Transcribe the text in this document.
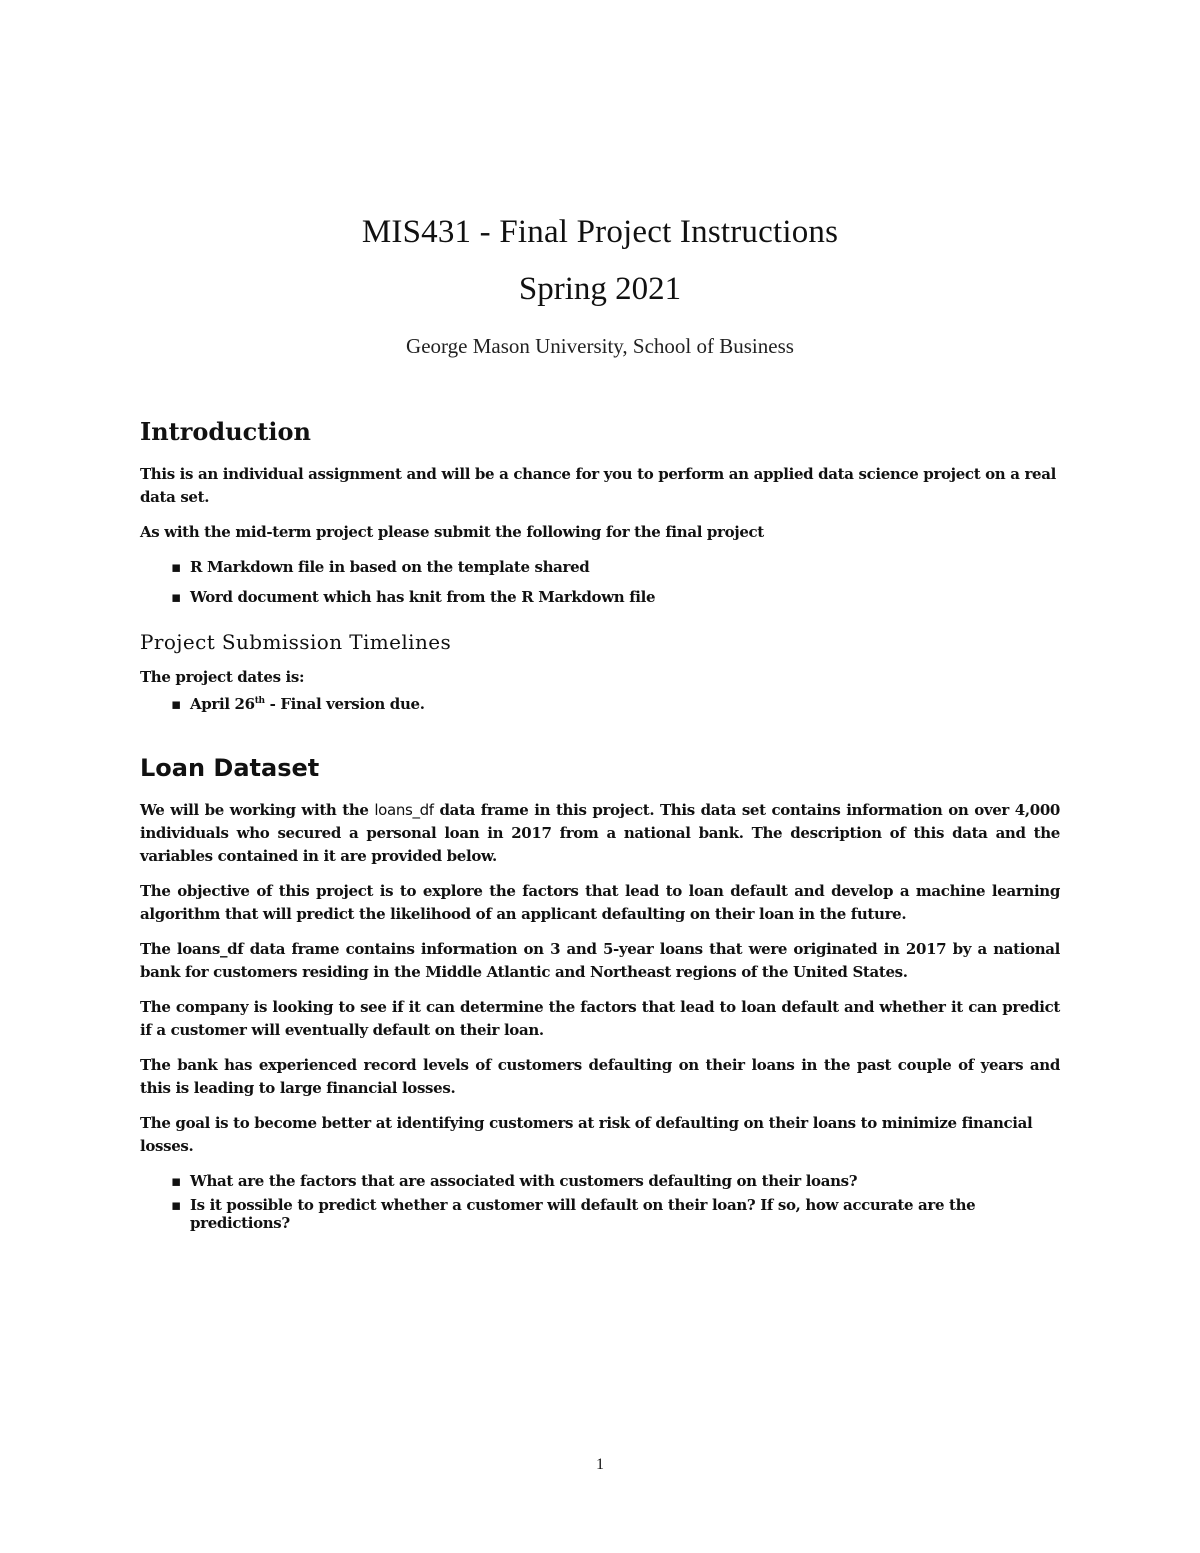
MIS431 - Final Project Instructions
Spring 2021
George Mason University, School of Business
Introduction

This is an individual assignment and will be a chance for you to perform an applied data science project on a real data set.

As with the mid-term project please submit the following for the final project

▪ R Markdown file in based on the template shared
▪ Word document which has knit from the R Markdown file
Project Submission Timelines

The project dates is:

▪ April 26th - Final version due.
Loan Dataset

We will be working with the loans_df data frame in this project. This data set contains information on over 4,000 individuals who secured a personal loan in 2017 from a national bank. The description of this data and the variables contained in it are provided below.

The objective of this project is to explore the factors that lead to loan default and develop a machine learning algorithm that will predict the likelihood of an applicant defaulting on their loan in the future.

The loans_df data frame contains information on 3 and 5-year loans that were originated in 2017 by a national bank for customers residing in the Middle Atlantic and Northeast regions of the United States.

The company is looking to see if it can determine the factors that lead to loan default and whether it can predict if a customer will eventually default on their loan.

The bank has experienced record levels of customers defaulting on their loans in the past couple of years and this is leading to large financial losses.

The goal is to become better at identifying customers at risk of defaulting on their loans to minimize financial losses.

▪ What are the factors that are associated with customers defaulting on their loans?
▪ Is it possible to predict whether a customer will default on their loan? If so, how accurate are the predictions?
1
